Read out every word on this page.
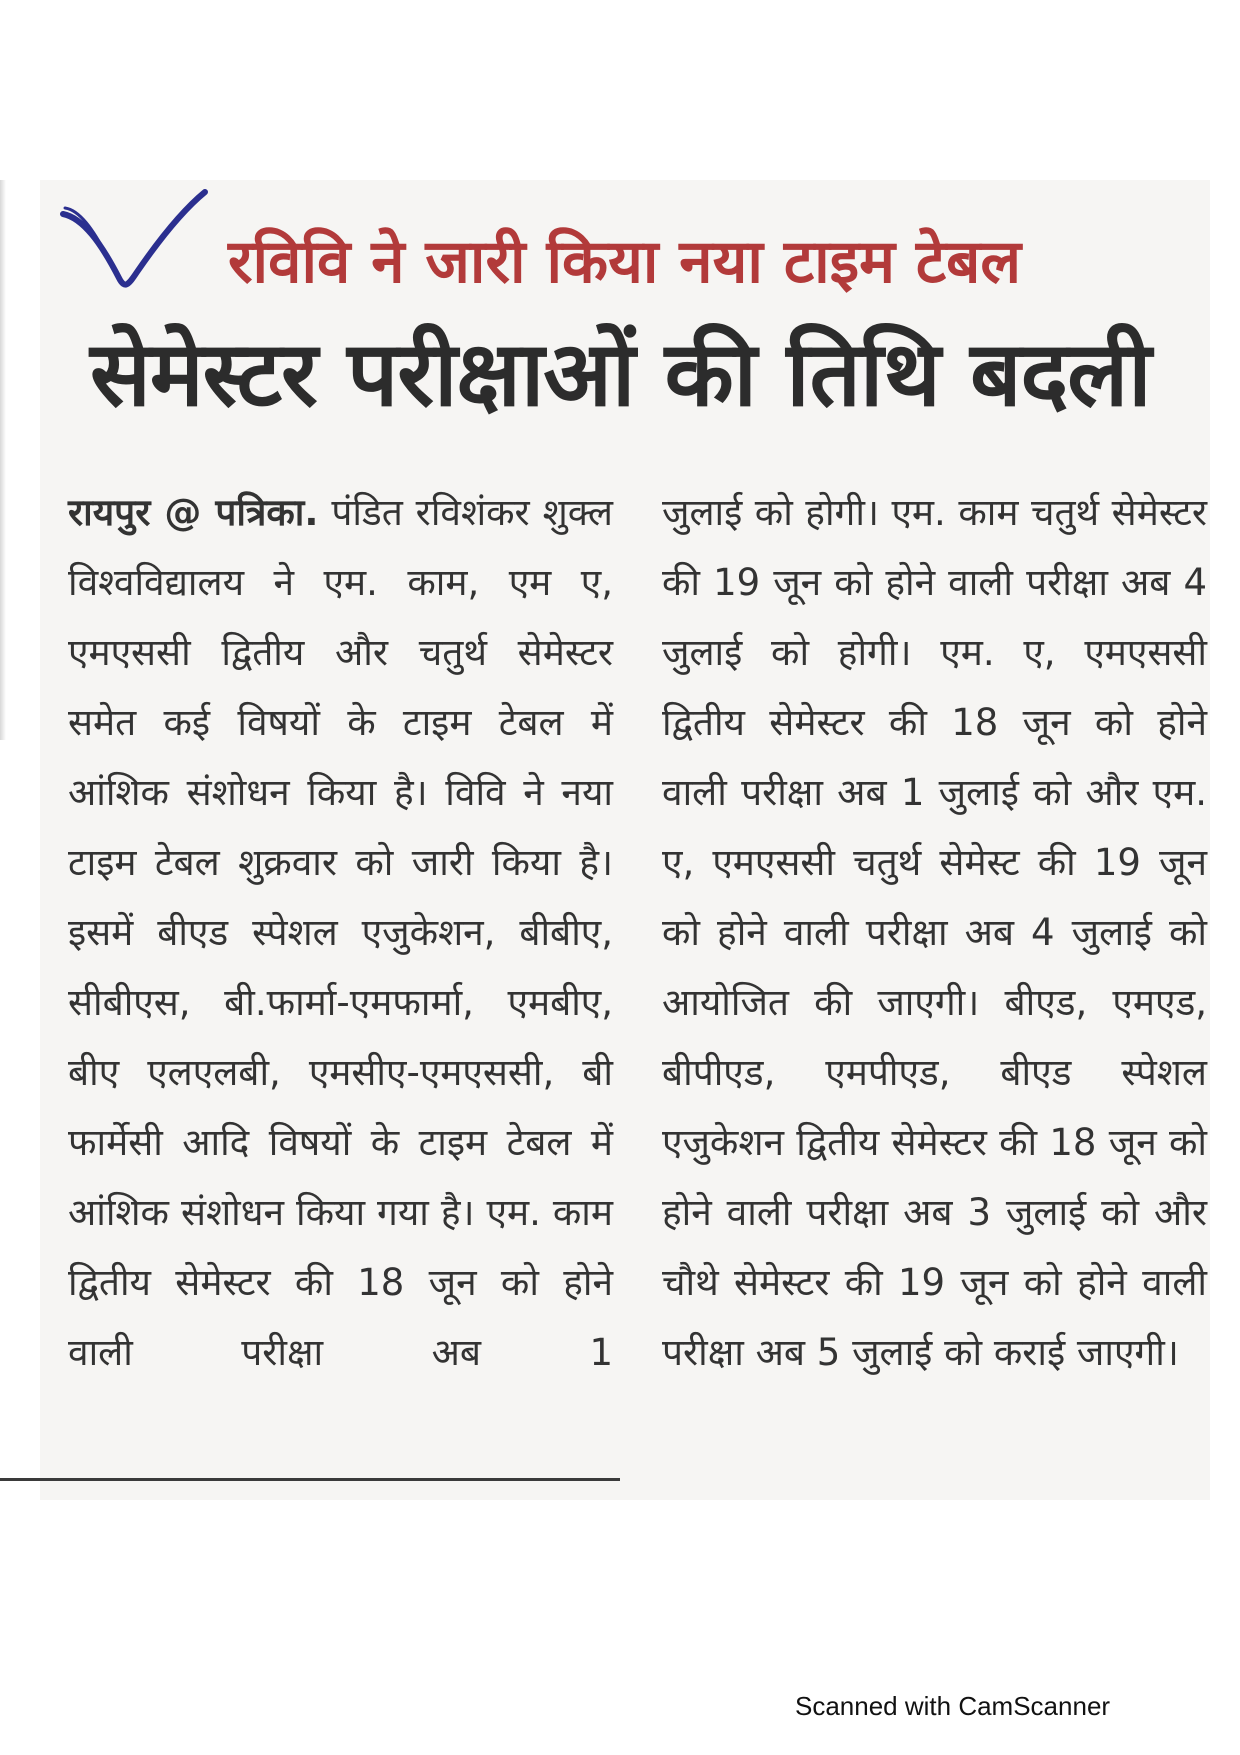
रविवि ने जारी किया नया टाइम टेबल
सेमेस्टर परीक्षाओं की तिथि बदली

रायपुर @ पत्रिका. पंडित रविशंकर शुक्ल विश्वविद्यालय ने एम. काम, एम ए, एमएससी द्वितीय और चतुर्थ सेमेस्टर समेत कई विषयों के टाइम टेबल में आंशिक संशोधन किया है। विवि ने नया टाइम टेबल शुक्रवार को जारी किया है। इसमें बीएड स्पेशल एजुकेशन, बीबीए, सीबीएस, बी.फार्मा-एमफार्मा, एमबीए, बीए एलएलबी, एमसीए-एमएससी, बी फार्मेसी आदि विषयों के टाइम टेबल में आंशिक संशोधन किया गया है। एम. काम द्वितीय सेमेस्टर की 18 जून को होने वाली परीक्षा अब 1

जुलाई को होगी। एम. काम चतुर्थ सेमेस्टर की 19 जून को होने वाली परीक्षा अब 4 जुलाई को होगी। एम. ए, एमएससी द्वितीय सेमेस्टर की 18 जून को होने वाली परीक्षा अब 1 जुलाई को और एम. ए, एमएससी चतुर्थ सेमेस्ट की 19 जून को होने वाली परीक्षा अब 4 जुलाई को आयोजित की जाएगी। बीएड, एमएड, बीपीएड, एमपीएड, बीएड स्पेशल एजुकेशन द्वितीय सेमेस्टर की 18 जून को होने वाली परीक्षा अब 3 जुलाई को और चौथे सेमेस्टर की 19 जून को होने वाली परीक्षा अब 5 जुलाई को कराई जाएगी।

Scanned with CamScanner
